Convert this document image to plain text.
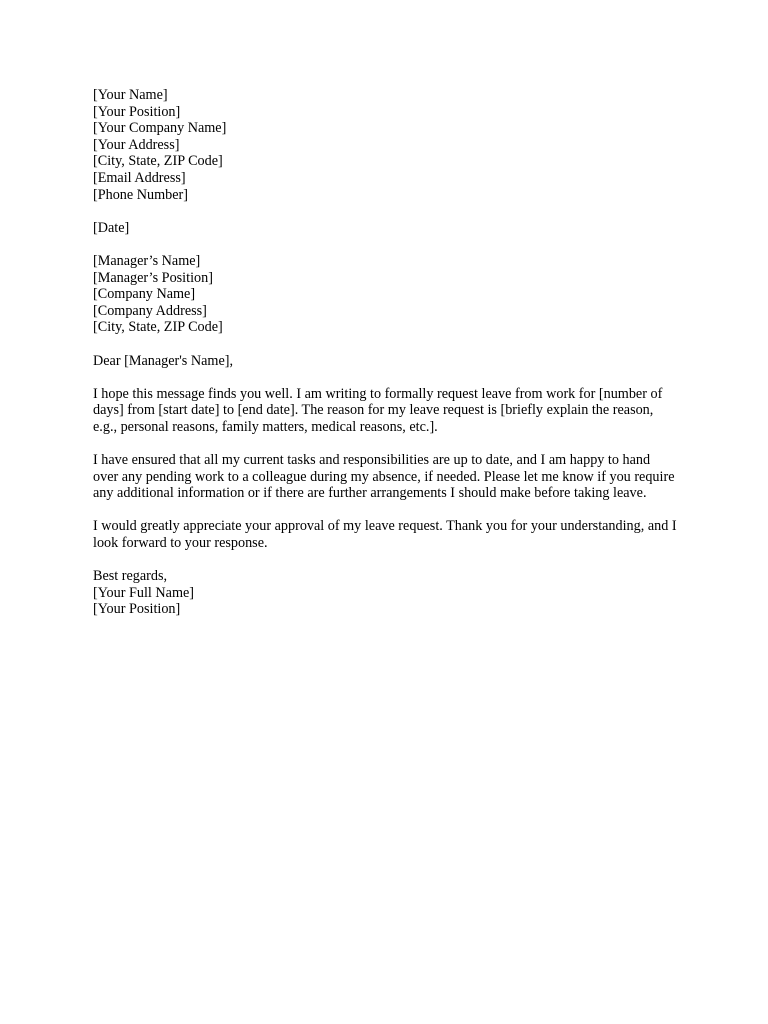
[Your Name]
[Your Position]
[Your Company Name]
[Your Address]
[City, State, ZIP Code]
[Email Address]
[Phone Number]
[Date]
[Manager’s Name]
[Manager’s Position]
[Company Name]
[Company Address]
[City, State, ZIP Code]

Dear [Manager's Name],

I hope this message finds you well. I am writing to formally request leave from work for [number of days] from [start date] to [end date]. The reason for my leave request is [briefly explain the reason, e.g., personal reasons, family matters, medical reasons, etc.].

I have ensured that all my current tasks and responsibilities are up to date, and I am happy to hand over any pending work to a colleague during my absence, if needed. Please let me know if you require any additional information or if there are further arrangements I should make before taking leave.

I would greatly appreciate your approval of my leave request. Thank you for your understanding, and I look forward to your response.

Best regards,
[Your Full Name]
[Your Position]
